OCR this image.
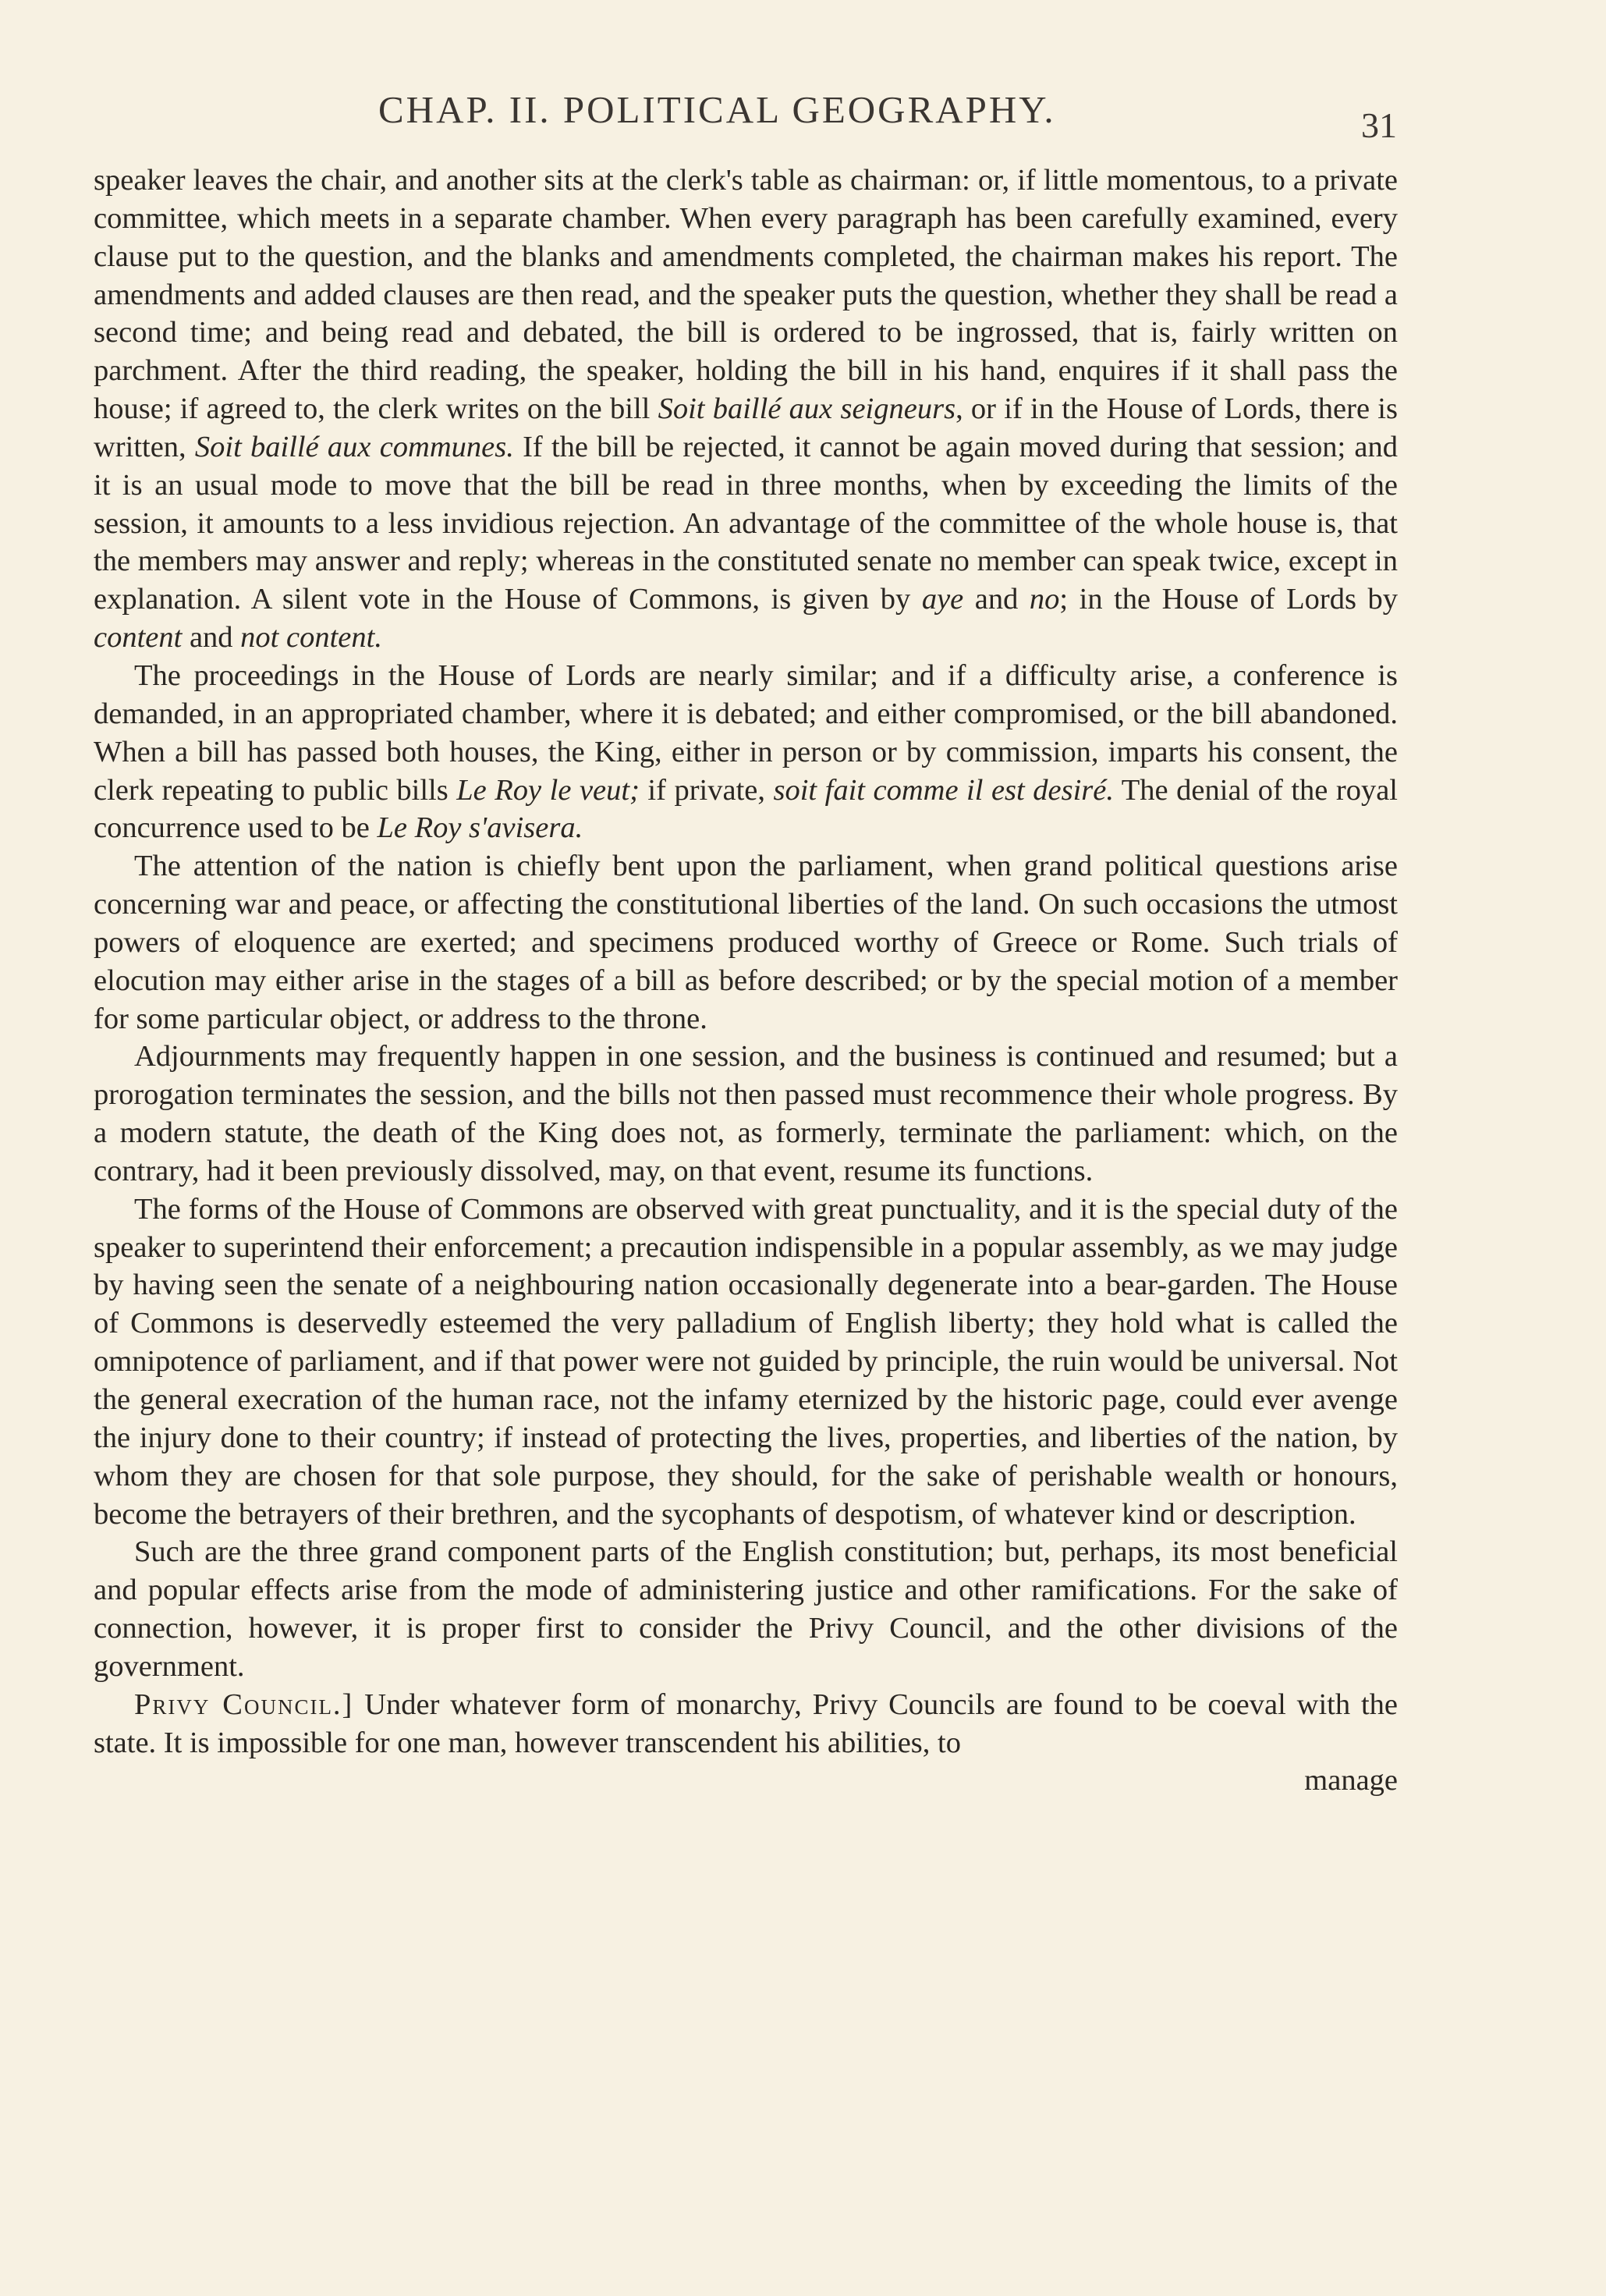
CHAP. II. POLITICAL GEOGRAPHY.	31

speaker leaves the chair, and another sits at the clerk's table as chairman: or, if little momentous, to a private committee, which meets in a separate chamber. When every paragraph has been carefully examined, every clause put to the question, and the blanks and amendments completed, the chairman makes his report. The amendments and added clauses are then read, and the speaker puts the question, whether they shall be read a second time; and being read and debated, the bill is ordered to be ingrossed, that is, fairly written on parchment. After the third reading, the speaker, holding the bill in his hand, enquires if it shall pass the house; if agreed to, the clerk writes on the bill Soit baillé aux seigneurs, or if in the House of Lords, there is written, Soit baillé aux communes. If the bill be rejected, it cannot be again moved during that session; and it is an usual mode to move that the bill be read in three months, when by exceeding the limits of the session, it amounts to a less invidious rejection. An advantage of the committee of the whole house is, that the members may answer and reply; whereas in the constituted senate no member can speak twice, except in explanation. A silent vote in the House of Commons, is given by aye and no; in the House of Lords by content and not content.

The proceedings in the House of Lords are nearly similar; and if a difficulty arise, a conference is demanded, in an appropriated chamber, where it is debated; and either compromised, or the bill abandoned. When a bill has passed both houses, the King, either in person or by commission, imparts his consent, the clerk repeating to public bills Le Roy le veut; if private, soit fait comme il est desiré. The denial of the royal concurrence used to be Le Roy s'avisera.

The attention of the nation is chiefly bent upon the parliament, when grand political questions arise concerning war and peace, or affecting the constitutional liberties of the land. On such occasions the utmost powers of eloquence are exerted; and specimens produced worthy of Greece or Rome. Such trials of elocution may either arise in the stages of a bill as before described; or by the special motion of a member for some particular object, or address to the throne.

Adjournments may frequently happen in one session, and the business is continued and resumed; but a prorogation terminates the session, and the bills not then passed must recommence their whole progress. By a modern statute, the death of the King does not, as formerly, terminate the parliament: which, on the contrary, had it been previously dissolved, may, on that event, resume its functions.

The forms of the House of Commons are observed with great punctuality, and it is the special duty of the speaker to superintend their enforcement; a precaution indispensible in a popular assembly, as we may judge by having seen the senate of a neighbouring nation occasionally degenerate into a bear-garden. The House of Commons is deservedly esteemed the very palladium of English liberty; they hold what is called the omnipotence of parliament, and if that power were not guided by principle, the ruin would be universal. Not the general execration of the human race, not the infamy eternized by the historic page, could ever avenge the injury done to their country; if instead of protecting the lives, properties, and liberties of the nation, by whom they are chosen for that sole purpose, they should, for the sake of perishable wealth or honours, become the betrayers of their brethren, and the sycophants of despotism, of whatever kind or description.

Such are the three grand component parts of the English constitution; but, perhaps, its most beneficial and popular effects arise from the mode of administering justice and other ramifications. For the sake of connection, however, it is proper first to consider the Privy Council, and the other divisions of the government.

Privy Council.] Under whatever form of monarchy, Privy Councils are found to be coeval with the state. It is impossible for one man, however transcendent his abilities, to

manage
